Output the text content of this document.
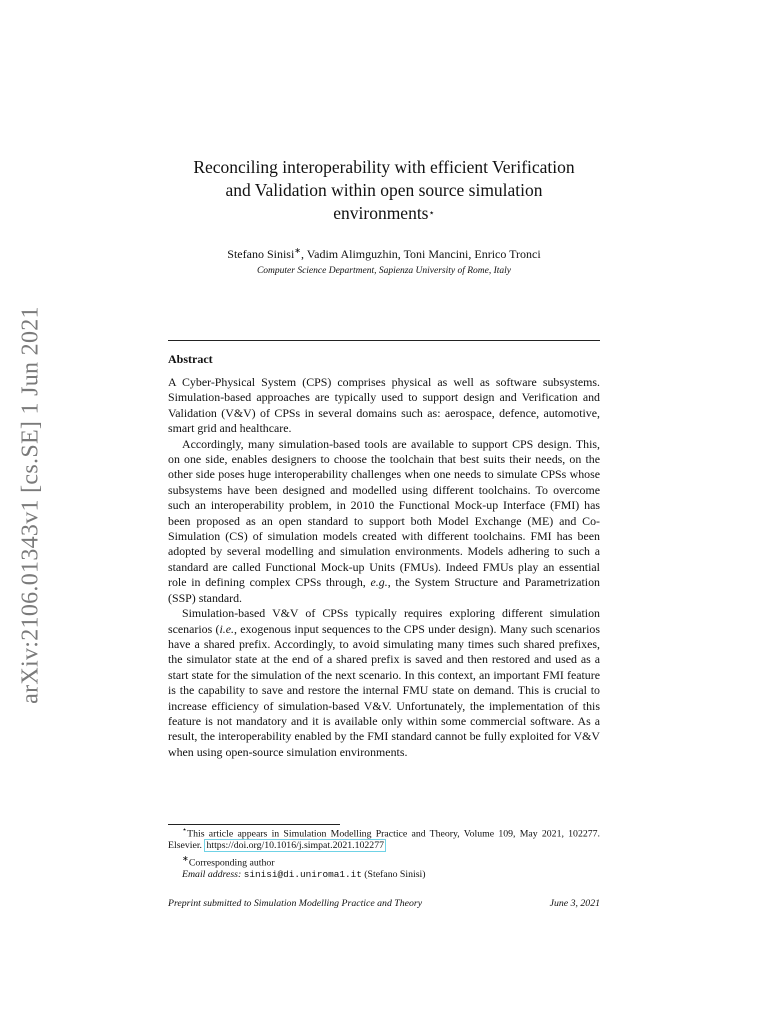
arXiv:2106.01343v1 [cs.SE] 1 Jun 2021
Reconciling interoperability with efficient Verification
and Validation within open source simulation
environments⋆
Stefano Sinisi∗, Vadim Alimguzhin, Toni Mancini, Enrico Tronci
Computer Science Department, Sapienza University of Rome, Italy
Abstract

A Cyber-Physical System (CPS) comprises physical as well as software subsystems. Simulation-based approaches are typically used to support design and Verification and Validation (V&V) of CPSs in several domains such as: aerospace, defence, automotive, smart grid and healthcare.

Accordingly, many simulation-based tools are available to support CPS design. This, on one side, enables designers to choose the toolchain that best suits their needs, on the other side poses huge interoperability challenges when one needs to simulate CPSs whose subsystems have been designed and modelled using different toolchains. To overcome such an interoperability problem, in 2010 the Functional Mock-up Interface (FMI) has been proposed as an open standard to support both Model Exchange (ME) and Co-Simulation (CS) of simulation models created with different toolchains. FMI has been adopted by several modelling and simulation environments. Models adhering to such a standard are called Functional Mock-up Units (FMUs). Indeed FMUs play an essential role in defining complex CPSs through, e.g., the System Structure and Parametrization (SSP) standard.

Simulation-based V&V of CPSs typically requires exploring different simulation scenarios (i.e., exogenous input sequences to the CPS under design). Many such scenarios have a shared prefix. Accordingly, to avoid simulating many times such shared prefixes, the simulator state at the end of a shared prefix is saved and then restored and used as a start state for the simulation of the next scenario. In this context, an important FMI feature is the capability to save and restore the internal FMU state on demand. This is crucial to increase efficiency of simulation-based V&V. Unfortunately, the implementation of this feature is not mandatory and it is available only within some commercial software. As a result, the interoperability enabled by the FMI standard cannot be fully exploited for V&V when using open-source simulation environments.

⋆This article appears in Simulation Modelling Practice and Theory, Volume 109, May 2021, 102277. Elsevier. https://doi.org/10.1016/j.simpat.2021.102277

∗Corresponding author

Email address: sinisi@di.uniroma1.it (Stefano Sinisi)

Preprint submitted to Simulation Modelling Practice and Theory	June 3, 2021
